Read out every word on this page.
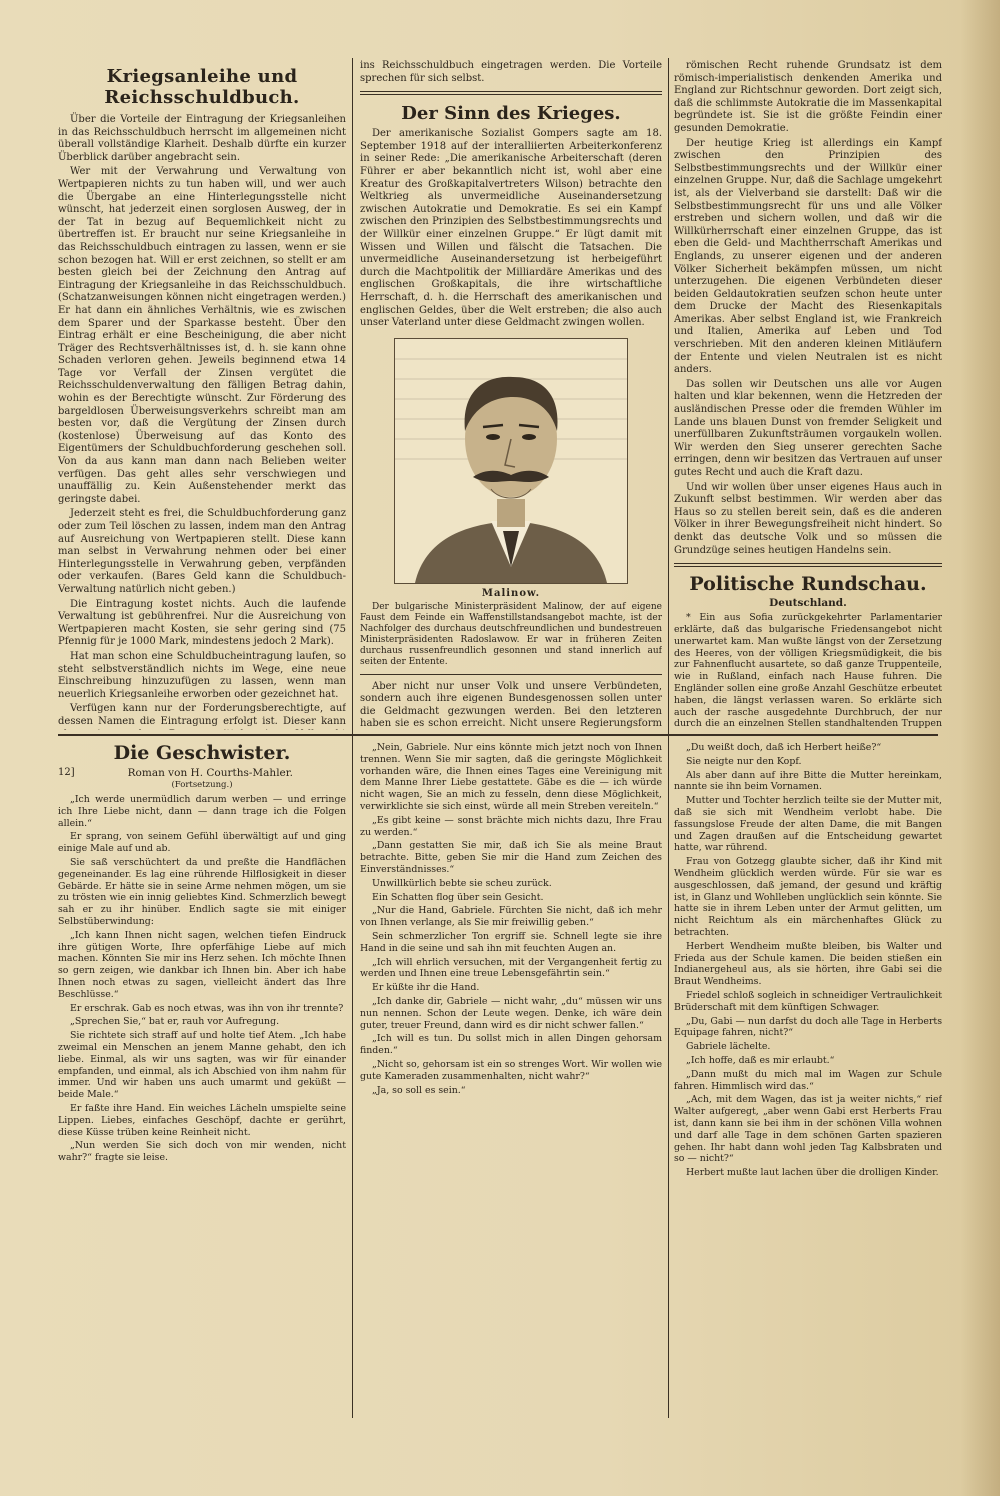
Kriegsanleihe und Reichsschuldbuch.

Über die Vorteile der Eintragung der Kriegsanleihen in das Reichsschuldbuch herrscht im allgemeinen nicht überall vollständige Klarheit. Deshalb dürfte ein kurzer Überblick darüber angebracht sein.

Wer mit der Verwahrung und Verwaltung von Wertpapieren nichts zu tun haben will, und wer auch die Übergabe an eine Hinterlegungsstelle nicht wünscht, hat jederzeit einen sorglosen Ausweg, der in der Tat in bezug auf Bequemlichkeit nicht zu übertreffen ist. Er braucht nur seine Kriegsanleihe in das Reichsschuldbuch eintragen zu lassen, wenn er sie schon bezogen hat. Will er erst zeichnen, so stellt er am besten gleich bei der Zeichnung den Antrag auf Eintragung der Kriegsanleihe in das Reichsschuldbuch. (Schatzanweisungen können nicht eingetragen werden.) Er hat dann ein ähnliches Verhältnis, wie es zwischen dem Sparer und der Sparkasse besteht. Über den Eintrag erhält er eine Bescheinigung, die aber nicht Träger des Rechtsverhältnisses ist, d. h. sie kann ohne Schaden verloren gehen. Jeweils beginnend etwa 14 Tage vor Verfall der Zinsen vergütet die Reichsschuldenverwaltung den fälligen Betrag dahin, wohin es der Berechtigte wünscht. Zur Förderung des bargeldlosen Überweisungsverkehrs schreibt man am besten vor, daß die Vergütung der Zinsen durch (kostenlose) Überweisung auf das Konto des Eigentümers der Schuldbuchforderung geschehen soll. Von da aus kann man dann nach Belieben weiter verfügen. Das geht alles sehr verschwiegen und unauffällig zu. Kein Außenstehender merkt das geringste dabei.

Jederzeit steht es frei, die Schuldbuchforderung ganz oder zum Teil löschen zu lassen, indem man den Antrag auf Ausreichung von Wertpapieren stellt. Diese kann man selbst in Verwahrung nehmen oder bei einer Hinterlegungsstelle in Verwahrung geben, verpfänden oder verkaufen. (Bares Geld kann die Schuldbuch-Verwaltung natürlich nicht geben.)

Die Eintragung kostet nichts. Auch die laufende Verwaltung ist gebührenfrei. Nur die Ausreichung von Wertpapieren macht Kosten, sie sehr gering sind (75 Pfennig für je 1000 Mark, mindestens jedoch 2 Mark).

Hat man schon eine Schuldbucheintragung laufen, so steht selbstverständlich nichts im Wege, eine neue Einschreibung hinzuzufügen zu lassen, wenn man neuerlich Kriegsanleihe erworben oder gezeichnet hat.

Verfügen kann nur der Forderungsberechtigte, auf dessen Namen die Eintragung erfolgt ist. Dieser kann

ins Reichsschuldbuch eingetragen werden. Die Vorteile sprechen für sich selbst.

Der Sinn des Krieges.

Der amerikanische Sozialist Gompers sagte am 18. September 1918 auf der interalliierten Arbeiterkonferenz in seiner Rede: „Die amerikanische Arbeiterschaft (deren Führer er aber bekanntlich nicht ist, wohl aber eine Kreatur des Großkapitalvertreters Wilson) betrachte den Weltkrieg als unvermeidliche Auseinandersetzung zwischen Autokratie und Demokratie. Es sei ein Kampf zwischen den Prinzipien des Selbstbestimmungsrechts und der Willkür einer einzelnen Gruppe.“ Er lügt damit mit Wissen und Willen und fälscht die Tatsachen. Die unvermeidliche Auseinandersetzung ist herbeigeführt durch die Machtpolitik der Milliardäre Amerikas und des englischen Großkapitals, die ihre wirtschaftliche Herrschaft, d. h. die Herrschaft des amerikanischen und englischen Geldes, über die Welt erstreben; die also auch unser Vaterland unter diese Geldmacht zwingen wollen.

Malinow.

Der bulgarische Ministerpräsident Malinow, der auf eigene Faust dem Feinde ein Waffenstillstandsangebot machte, ist der Nachfolger des durchaus deutschfreundlichen und bundestreuen Ministerpräsidenten Radoslawow. Er war in früheren Zeiten durchaus russenfreundlich gesonnen und stand innerlich auf seiten der Entente.

Aber nicht nur unser Volk und unsere Verbündeten, sondern auch ihre eigenen Bundesgenossen sollen unter die Geldmacht gezwungen werden. Bei den letzteren haben sie es schon erreicht. Nicht unsere Regierungsform

römischen Recht ruhende Grundsatz ist dem römisch-imperialistisch denkenden Amerika und England zur Richtschnur geworden. Dort zeigt sich, daß die schlimmste Autokratie die im Massenkapital begründete ist. Sie ist die größte Feindin einer gesunden Demokratie.

Der heutige Krieg ist allerdings ein Kampf zwischen den Prinzipien des Selbstbestimmungsrechts und der Willkür einer einzelnen Gruppe. Nur, daß die Sachlage umgekehrt ist, als der Vielverband sie darstellt: Daß wir die Selbstbestimmungsrecht für uns und alle Völker erstreben und sichern wollen, und daß wir die Willkürherrschaft einer einzelnen Gruppe, das ist eben die Geld- und Machtherrschaft Amerikas und Englands, zu unserer eigenen und der anderen Völker Sicherheit bekämpfen müssen, um nicht unterzugehen. Die eigenen Verbündeten dieser beiden Geldautokratien seufzen schon heute unter dem Drucke der Macht des Riesenkapitals Amerikas. Aber selbst England ist, wie Frankreich und Italien, Amerika auf Leben und Tod verschrieben. Mit den anderen kleinen Mitläufern der Entente und vielen Neutralen ist es nicht anders.

Das sollen wir Deutschen uns alle vor Augen halten und klar bekennen, wenn die Hetzreden der ausländischen Presse oder die fremden Wühler im Lande uns blauen Dunst von fremder Seligkeit und unerfüllbaren Zukunftsträumen vorgaukeln wollen. Wir werden den Sieg unserer gerechten Sache erringen, denn wir besitzen das Vertrauen auf unser gutes Recht und auch die Kraft dazu.

Und wir wollen über unser eigenes Haus auch in Zukunft selbst bestimmen. Wir werden aber das Haus so zu stellen bereit sein, daß es die anderen Völker in ihrer Bewegungsfreiheit nicht hindert. So denkt das deutsche Volk und so müssen die Grundzüge seines heutigen Handelns sein.

Politische Rundschau.
Deutschland.

* Ein aus Sofia zurückgekehrter Parlamentarier erklärte, daß das bulgarische Friedensangebot nicht unerwartet kam. Man wußte längst von der Zersetzung des Heeres, von der völligen Kriegsmüdigkeit, die bis zur Fahnenflucht ausartete, so daß ganze Truppenteile, wie in Rußland, einfach nach Hause fuhren. Die Engländer sollen eine große Anzahl Geschütze erbeutet haben, die längst verlassen waren. So erklärte sich auch der rasche ausgedehnte Durchbruch, der nur durch die an einzelnen Stellen standhaltenden Truppen

Die Geschwister.
12]	Roman von H. Courths-Mahler.
(Fortsetzung.)

„Ich werde unermüdlich darum werben — und erringe ich Ihre Liebe nicht, dann — dann trage ich die Folgen allein.“

Er sprang, von seinem Gefühl überwältigt auf und ging einige Male auf und ab.

Sie saß verschüchtert da und preßte die Handflächen gegeneinander. Es lag eine rührende Hilflosigkeit in dieser Gebärde. Er hätte sie in seine Arme nehmen mögen, um sie zu trösten wie ein innig geliebtes Kind. Schmerzlich bewegt sah er zu ihr hinüber. Endlich sagte sie mit einiger Selbstüberwindung:

„Ich kann Ihnen nicht sagen, welchen tiefen Eindruck ihre gütigen Worte, Ihre opferfähige Liebe auf mich machen. Könnten Sie mir ins Herz sehen. Ich möchte Ihnen so gern zeigen, wie dankbar ich Ihnen bin. Aber ich habe Ihnen noch etwas zu sagen, vielleicht ändert das Ihre Beschlüsse.“

Er erschrak. Gab es noch etwas, was ihn von ihr trennte?

„Sprechen Sie,“ bat er, rauh vor Aufregung.

Sie richtete sich straff auf und holte tief Atem. „Ich habe zweimal ein Menschen an jenem Manne gehabt, den ich liebe. Einmal, als wir uns sagten, was wir für einander empfanden, und einmal, als ich Abschied von ihm nahm für immer. Und wir haben uns auch umarmt und geküßt — beide Male.“

Er faßte ihre Hand. Ein weiches Lächeln umspielte seine Lippen. Liebes, einfaches Geschöpf, dachte er gerührt, diese Küsse trüben keine Reinheit nicht.

„Nun werden Sie sich doch von mir wenden, nicht wahr?“ fragte sie leise.

„Nein, Gabriele. Nur eins könnte mich jetzt noch von Ihnen trennen. Wenn Sie mir sagten, daß die geringste Möglichkeit vorhanden wäre, die Ihnen eines Tages eine Vereinigung mit dem Manne Ihrer Liebe gestattete. Gäbe es die — ich würde nicht wagen, Sie an mich zu fesseln, denn diese Möglichkeit, verwirklichte sie sich einst, würde all mein Streben vereiteln.“

„Es gibt keine — sonst brächte mich nichts dazu, Ihre Frau zu werden.“

„Dann gestatten Sie mir, daß ich Sie als meine Braut betrachte. Bitte, geben Sie mir die Hand zum Zeichen des Einverständnisses.“

Unwillkürlich bebte sie scheu zurück.

Ein Schatten flog über sein Gesicht.

„Nur die Hand, Gabriele. Fürchten Sie nicht, daß ich mehr von Ihnen verlange, als Sie mir freiwillig geben.“

Sein schmerzlicher Ton ergriff sie. Schnell legte sie ihre Hand in die seine und sah ihn mit feuchten Augen an.

„Ich will ehrlich versuchen, mit der Vergangenheit fertig zu werden und Ihnen eine treue Lebensgefährtin sein.“

Er küßte ihr die Hand.

„Ich danke dir, Gabriele — nicht wahr, „du“ müssen wir uns nun nennen. Schon der Leute wegen. Denke, ich wäre dein guter, treuer Freund, dann wird es dir nicht schwer fallen.“

„Ich will es tun. Du sollst mich in allen Dingen gehorsam finden.“

„Nicht so, gehorsam ist ein so strenges Wort. Wir wollen wie gute Kameraden zusammenhalten, nicht wahr?“

„Ja, so soll es sein.“

„Du weißt doch, daß ich Herbert heiße?“

Sie neigte nur den Kopf.

Als aber dann auf ihre Bitte die Mutter hereinkam, nannte sie ihn beim Vornamen.

Mutter und Tochter herzlich teilte sie der Mutter mit, daß sie sich mit Wendheim verlobt habe. Die fassungslose Freude der alten Dame, die mit Bangen und Zagen draußen auf die Entscheidung gewartet hatte, war rührend.

Frau von Gotzegg glaubte sicher, daß ihr Kind mit Wendheim glücklich werden würde. Für sie war es ausgeschlossen, daß jemand, der gesund und kräftig ist, in Glanz und Wohlleben unglücklich sein könnte. Sie hatte sie in ihrem Leben unter der Armut gelitten, um nicht Reichtum als ein märchenhaftes Glück zu betrachten.

Herbert Wendheim mußte bleiben, bis Walter und Frieda aus der Schule kamen. Die beiden stießen ein Indianergeheul aus, als sie hörten, ihre Gabi sei die Braut Wendheims.

Friedel schloß sogleich in schneidiger Vertraulichkeit Brüderschaft mit dem künftigen Schwager.

„Du, Gabi — nun darfst du doch alle Tage in Herberts Equipage fahren, nicht?“

Gabriele lächelte.

„Ich hoffe, daß es mir erlaubt.“

„Dann mußt du mich mal im Wagen zur Schule fahren. Himmlisch wird das.“

„Ach, mit dem Wagen, das ist ja weiter nichts,“ rief Walter aufgeregt, „aber wenn Gabi erst Herberts Frau ist, dann kann sie bei ihm in der schönen Villa wohnen und darf alle Tage in dem schönen Garten spazieren gehen. Ihr habt dann wohl jeden Tag Kalbsbraten und so — nicht?“

Herbert mußte laut lachen über die drolligen Kinder.
